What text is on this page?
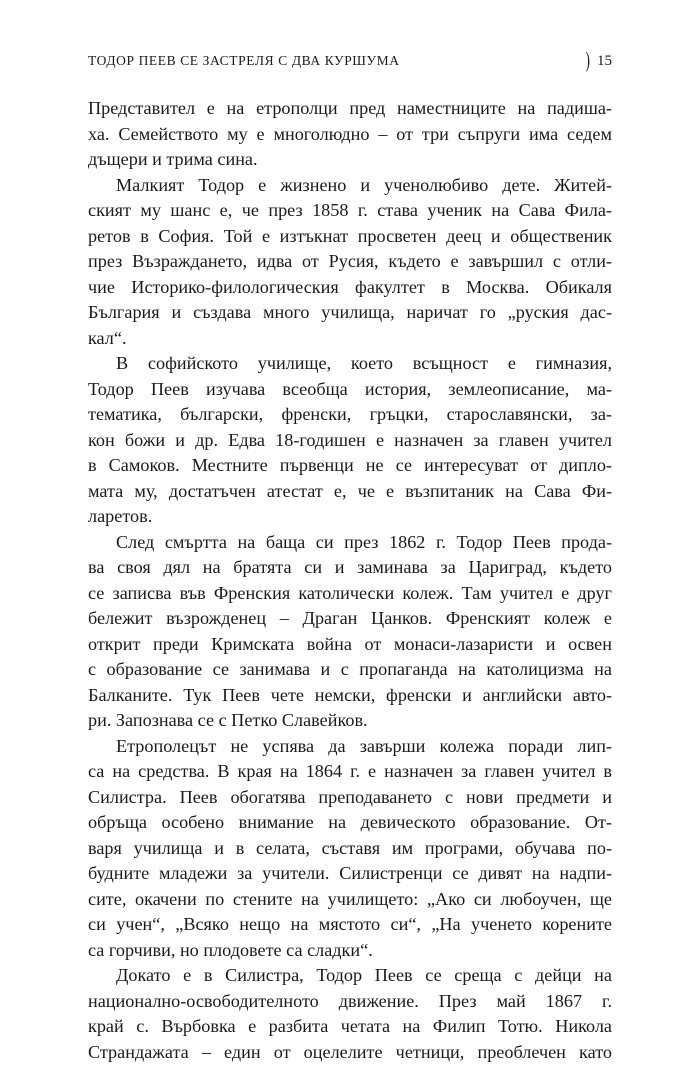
ТОДОР ПЕЕВ СЕ ЗАСТРЕЛЯ С ДВА КУРШУМА	) 15

Представител е на етрополци пред наместниците на падиша-
ха. Семейството му е многолюдно – от три съпруги има седем
дъщери и трима сина.

Малкият Тодор е жизнено и ученолюбиво дете. Житей-
ският му шанс е, че през 1858 г. става ученик на Сава Фила-
ретов в София. Той е изтъкнат просветен деец и общественик
през Възраждането, идва от Русия, където е завършил с отли-
чие Историко-филологическия факултет в Москва. Обикаля
България и създава много училища, наричат го „руския дас-
кал“.

В софийското училище, което всъщност е гимназия,
Тодор Пеев изучава всеобща история, землеописание, ма-
тематика, български, френски, гръцки, старославянски, за-
кон божи и др. Едва 18-годишен е назначен за главен учител
в Самоков. Местните първенци не се интересуват от дипло-
мата му, достатъчен атестат е, че е възпитаник на Сава Фи-
ларетов.

След смъртта на баща си през 1862 г. Тодор Пеев прода-
ва своя дял на братята си и заминава за Цариград, където
се записва във Френския католически колеж. Там учител е друг
бележит възрожденец – Драган Цанков. Френският колеж е
открит преди Кримската война от монаси-лазаристи и освен
с образование се занимава и с пропаганда на католицизма на
Балканите. Тук Пеев чете немски, френски и английски авто-
ри. Запознава се с Петко Славейков.

Етрополецът не успява да завърши колежа поради лип-
са на средства. В края на 1864 г. е назначен за главен учител в
Силистра. Пеев обогатява преподаването с нови предмети и
обръща особено внимание на девическото образование. От-
варя училища и в селата, съставя им програми, обучава по-
будните младежи за учители. Силистренци се дивят на надпи-
сите, окачени по стените на училището: „Ако си любоучен, ще
си учен“, „Всяко нещо на мястото си“, „На ученето корените
са горчиви, но плодовете са сладки“.

Докато е в Силистра, Тодор Пеев се среща с дейци на
национално-освободителното движение. През май 1867 г.
край с. Върбовка е разбита четата на Филип Тотю. Никола
Страндажата – един от оцелелите четници, преоблечен като
